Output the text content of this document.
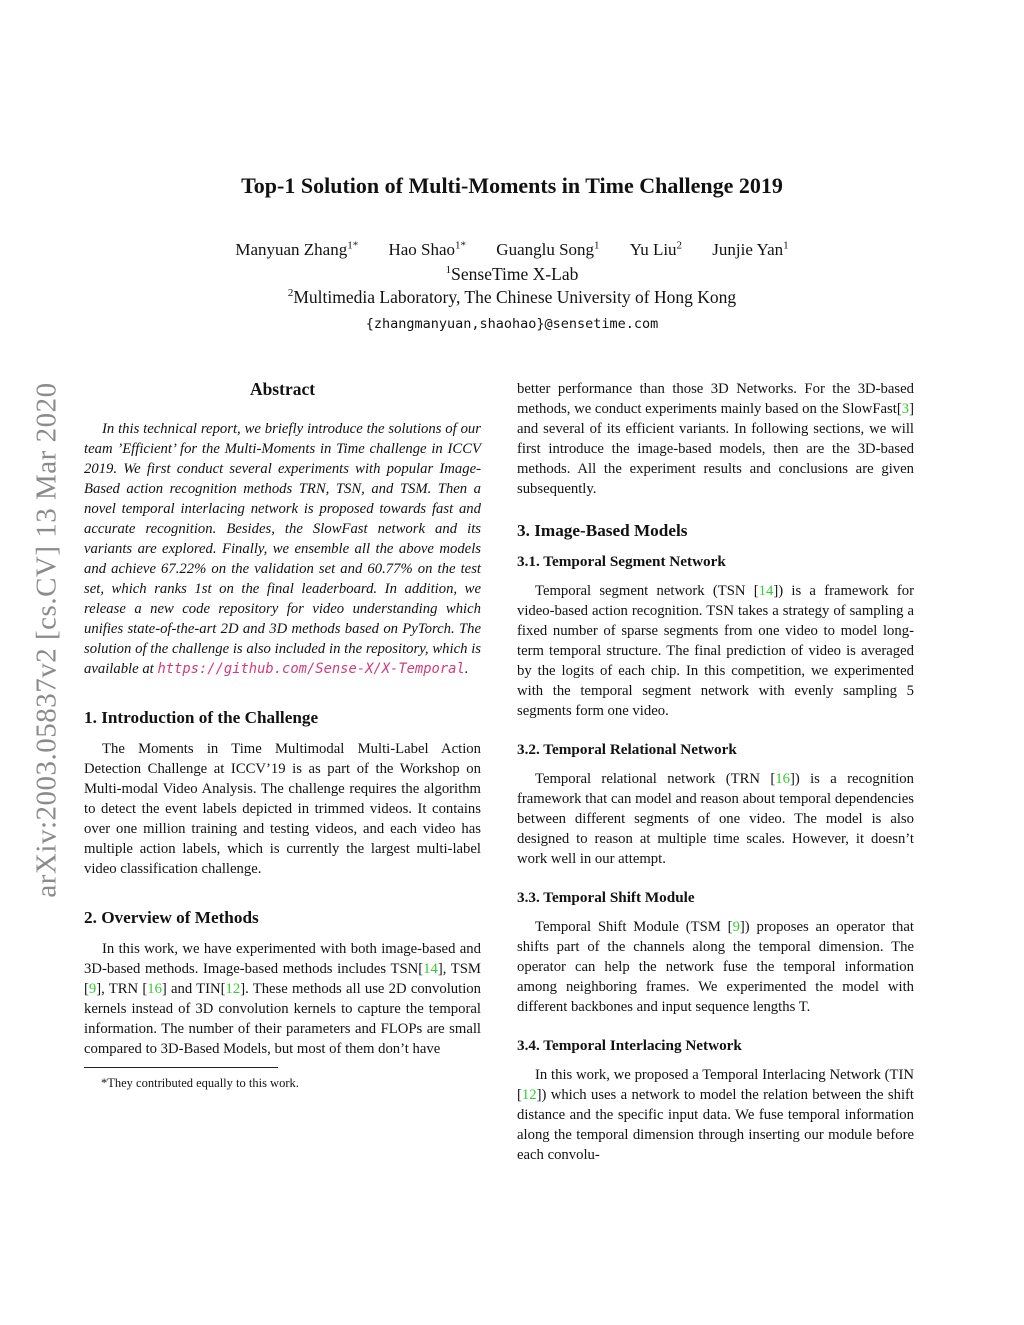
arXiv:2003.05837v2 [cs.CV] 13 Mar 2020
Top-1 Solution of Multi-Moments in Time Challenge 2019
Manyuan Zhang$^{1*}$ Hao Shao$^{1*}$ Guanglu Song$^1$ Yu Liu$^2$ Junjie Yan$^1$
$^1$SenseTime X-Lab
$^2$Multimedia Laboratory, The Chinese University of Hong Kong
{zhangmanyuan,shaohao}@sensetime.com
Abstract

In this technical report, we briefly introduce the solutions of our team ’Efficient’ for the Multi-Moments in Time challenge in ICCV 2019. We first conduct several experiments with popular Image-Based action recognition methods TRN, TSN, and TSM. Then a novel temporal interlacing network is proposed towards fast and accurate recognition. Besides, the SlowFast network and its variants are explored. Finally, we ensemble all the above models and achieve 67.22% on the validation set and 60.77% on the test set, which ranks 1st on the final leaderboard. In addition, we release a new code repository for video understanding which unifies state-of-the-art 2D and 3D methods based on PyTorch. The solution of the challenge is also included in the repository, which is available at https://github.com/Sense-X/X-Temporal.

1. Introduction of the Challenge

The Moments in Time Multimodal Multi-Label Action Detection Challenge at ICCV’19 is as part of the Workshop on Multi-modal Video Analysis. The challenge requires the algorithm to detect the event labels depicted in trimmed videos. It contains over one million training and testing videos, and each video has multiple action labels, which is currently the largest multi-label video classification challenge.

2. Overview of Methods

In this work, we have experimented with both image-based and 3D-based methods. Image-based methods includes TSN[14], TSM [9], TRN [16] and TIN[12]. These methods all use 2D convolution kernels instead of 3D convolution kernels to capture the temporal information. The number of their parameters and FLOPs are small compared to 3D-Based Models, but most of them don’t have

*They contributed equally to this work.

better performance than those 3D Networks. For the 3D-based methods, we conduct experiments mainly based on the SlowFast[3] and several of its efficient variants. In following sections, we will first introduce the image-based models, then are the 3D-based methods. All the experiment results and conclusions are given subsequently.

3. Image-Based Models
3.1. Temporal Segment Network

Temporal segment network (TSN [14]) is a framework for video-based action recognition. TSN takes a strategy of sampling a fixed number of sparse segments from one video to model long-term temporal structure. The final prediction of video is averaged by the logits of each chip. In this competition, we experimented with the temporal segment network with evenly sampling 5 segments form one video.

3.2. Temporal Relational Network

Temporal relational network (TRN [16]) is a recognition framework that can model and reason about temporal dependencies between different segments of one video. The model is also designed to reason at multiple time scales. However, it doesn’t work well in our attempt.

3.3. Temporal Shift Module

Temporal Shift Module (TSM [9]) proposes an operator that shifts part of the channels along the temporal dimension. The operator can help the network fuse the temporal information among neighboring frames. We experimented the model with different backbones and input sequence lengths T.

3.4. Temporal Interlacing Network

In this work, we proposed a Temporal Interlacing Network (TIN [12]) which uses a network to model the relation between the shift distance and the specific input data. We fuse temporal information along the temporal dimension through inserting our module before each convolu-
